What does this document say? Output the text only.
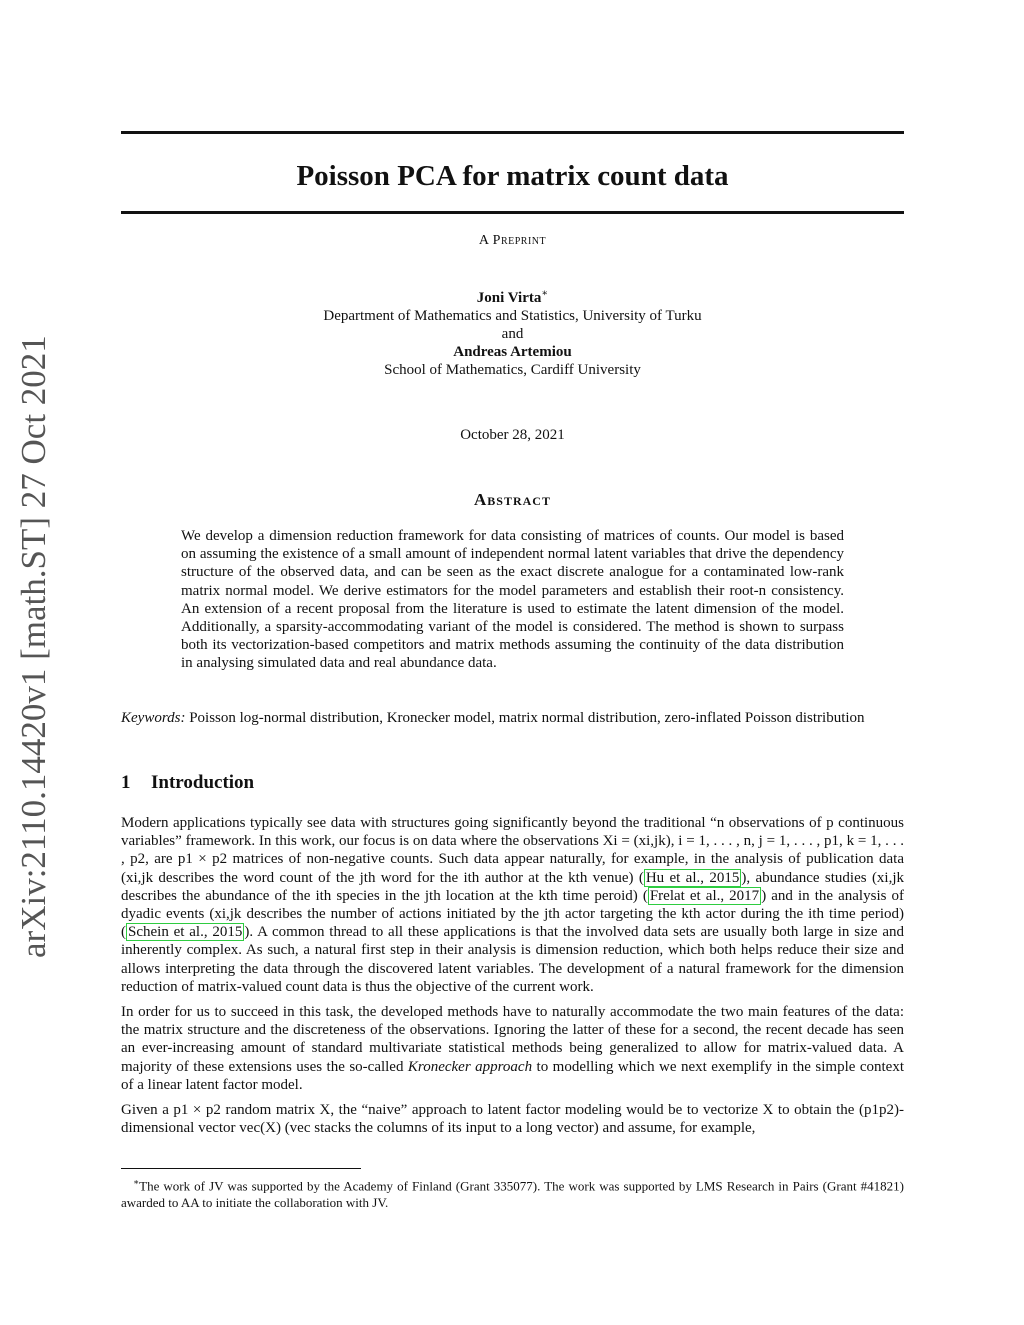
Poisson PCA for matrix count data
A Preprint
Joni Virta∗
Department of Mathematics and Statistics, University of Turku
and
Andreas Artemiou
School of Mathematics, Cardiff University
October 28, 2021
Abstract

We develop a dimension reduction framework for data consisting of matrices of counts. Our model is based on assuming the existence of a small amount of independent normal latent variables that drive the dependency structure of the observed data, and can be seen as the exact discrete analogue for a contaminated low-rank matrix normal model. We derive estimators for the model parameters and establish their root-n consistency. An extension of a recent proposal from the literature is used to estimate the latent dimension of the model. Additionally, a sparsity-accommodating variant of the model is considered. The method is shown to surpass both its vectorization-based competitors and matrix methods assuming the continuity of the data distribution in analysing simulated data and real abundance data.

Keywords: Poisson log-normal distribution, Kronecker model, matrix normal distribution, zero-inflated Poisson distribution

1 Introduction

Modern applications typically see data with structures going significantly beyond the traditional “n observations of p continuous variables” framework. In this work, our focus is on data where the observations Xi = (xi,jk), i = 1, . . . , n, j = 1, . . . , p1, k = 1, . . . , p2, are p1 × p2 matrices of non-negative counts. Such data appear naturally, for example, in the analysis of publication data (xi,jk describes the word count of the jth word for the ith author at the kth venue) ( Hu et al., 2015 ), abundance studies (xi,jk describes the abundance of the ith species in the jth location at the kth time peroid) ( Frelat et al., 2017 ) and in the analysis of dyadic events (xi,jk describes the number of actions initiated by the jth actor targeting the kth actor during the ith time period) ( Schein et al., 2015 ). A common thread to all these applications is that the involved data sets are usually both large in size and inherently complex. As such, a natural first step in their analysis is dimension reduction, which both helps reduce their size and allows interpreting the data through the discovered latent variables. The development of a natural framework for the dimension reduction of matrix-valued count data is thus the objective of the current work.

In order for us to succeed in this task, the developed methods have to naturally accommodate the two main features of the data: the matrix structure and the discreteness of the observations. Ignoring the latter of these for a second, the recent decade has seen an ever-increasing amount of standard multivariate statistical methods being generalized to allow for matrix-valued data. A majority of these extensions uses the so-called Kronecker approach to modelling which we next exemplify in the simple context of a linear latent factor model.

Given a p1 × p2 random matrix X, the “naive” approach to latent factor modeling would be to vectorize X to obtain the (p1p2)-dimensional vector vec(X) (vec stacks the columns of its input to a long vector) and assume, for example,

∗The work of JV was supported by the Academy of Finland (Grant 335077). The work was supported by LMS Research in Pairs (Grant #41821) awarded to AA to initiate the collaboration with JV.

arXiv:2110.14420v1 [math.ST] 27 Oct 2021
